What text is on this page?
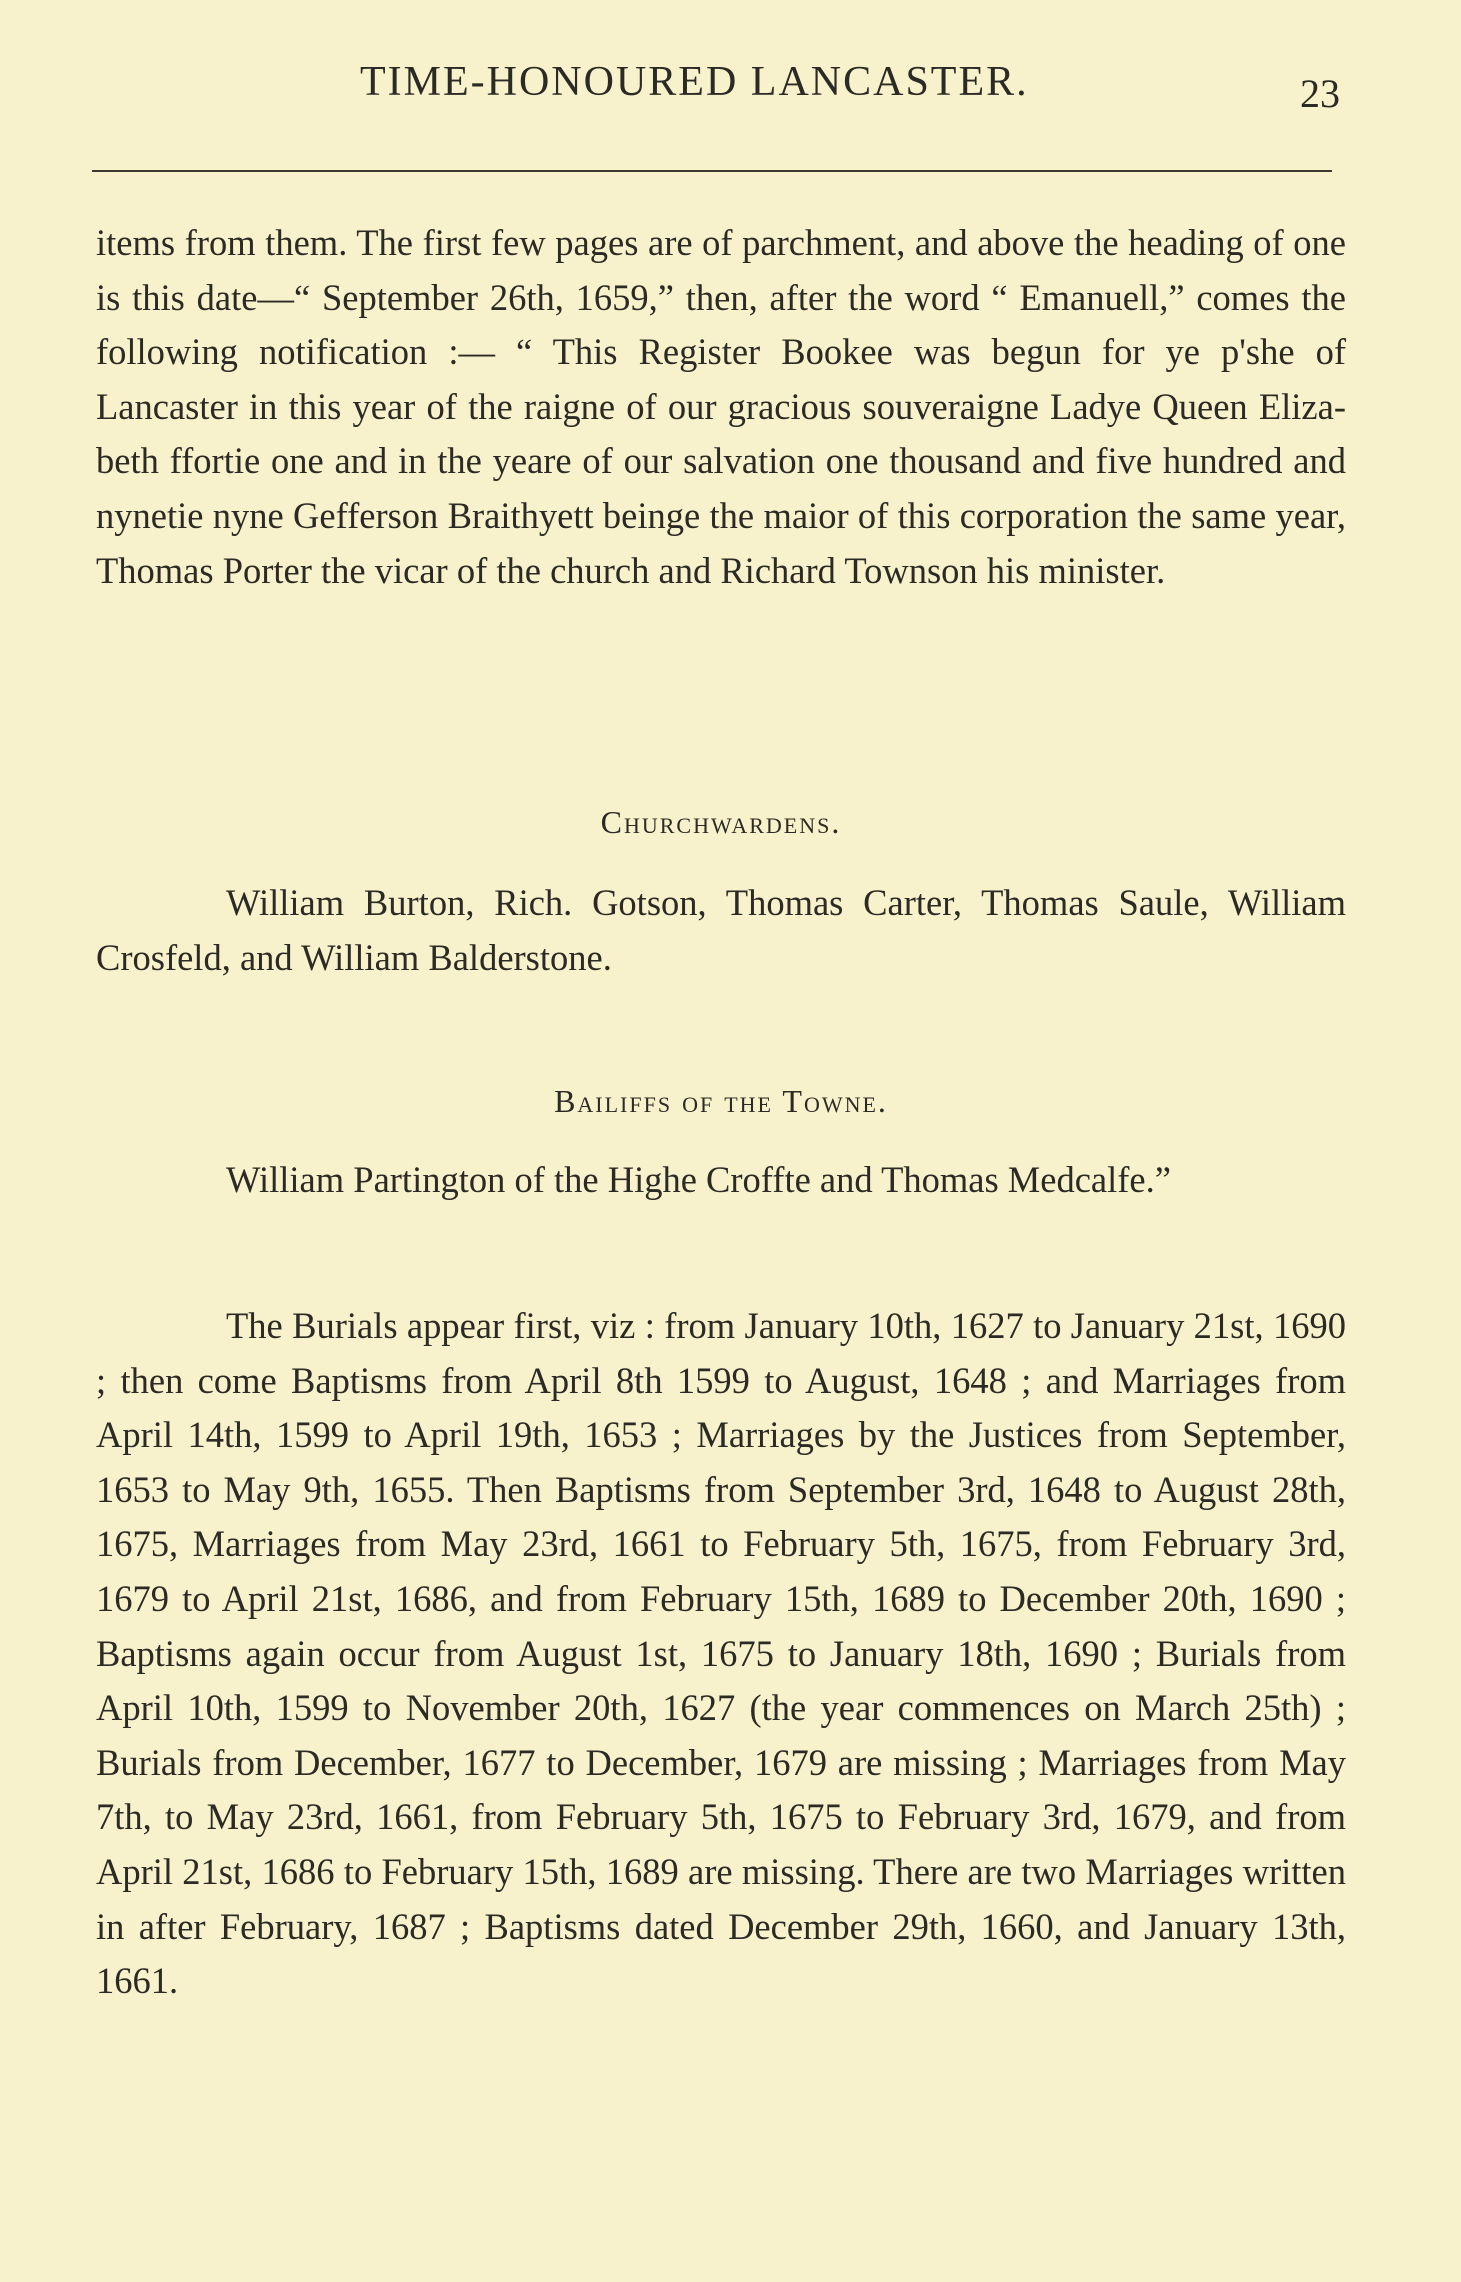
TIME-HONOURED LANCASTER.	23

items from them. The first few pages are of parchment, and above the heading of one is this date—“ September 26th, 1659,” then, after the word “ Emanuell,” comes the following notification :— “ This Register Bookee was begun for ye p'she of Lancaster in this year of the raigne of our gracious souveraigne Ladye Queen Elizabeth ffortie one and in the yeare of our salvation one thousand and five hundred and nynetie nyne Gefferson Braithyett beinge the maior of this corporation the same year, Thomas Porter the vicar of the church and Richard Townson his minister.

Churchwardens.

William Burton, Rich. Gotson, Thomas Carter, Thomas Saule, William Crosfeld, and William Balderstone.

Bailiffs of the Towne.

William Partington of the Highe Croffte and Thomas Medcalfe.”

The Burials appear first, viz : from January 10th, 1627 to January 21st, 1690 ; then come Baptisms from April 8th 1599 to August, 1648 ; and Marriages from April 14th, 1599 to April 19th, 1653 ; Marriages by the Justices from September, 1653 to May 9th, 1655. Then Baptisms from September 3rd, 1648 to August 28th, 1675, Marriages from May 23rd, 1661 to February 5th, 1675, from February 3rd, 1679 to April 21st, 1686, and from February 15th, 1689 to December 20th, 1690 ; Baptisms again occur from August 1st, 1675 to January 18th, 1690 ; Burials from April 10th, 1599 to November 20th, 1627 (the year commences on March 25th) ; Burials from December, 1677 to December, 1679 are missing ; Marriages from May 7th, to May 23rd, 1661, from February 5th, 1675 to February 3rd, 1679, and from April 21st, 1686 to February 15th, 1689 are missing. There are two Marriages written in after February, 1687 ; Baptisms dated December 29th, 1660, and January 13th, 1661.
